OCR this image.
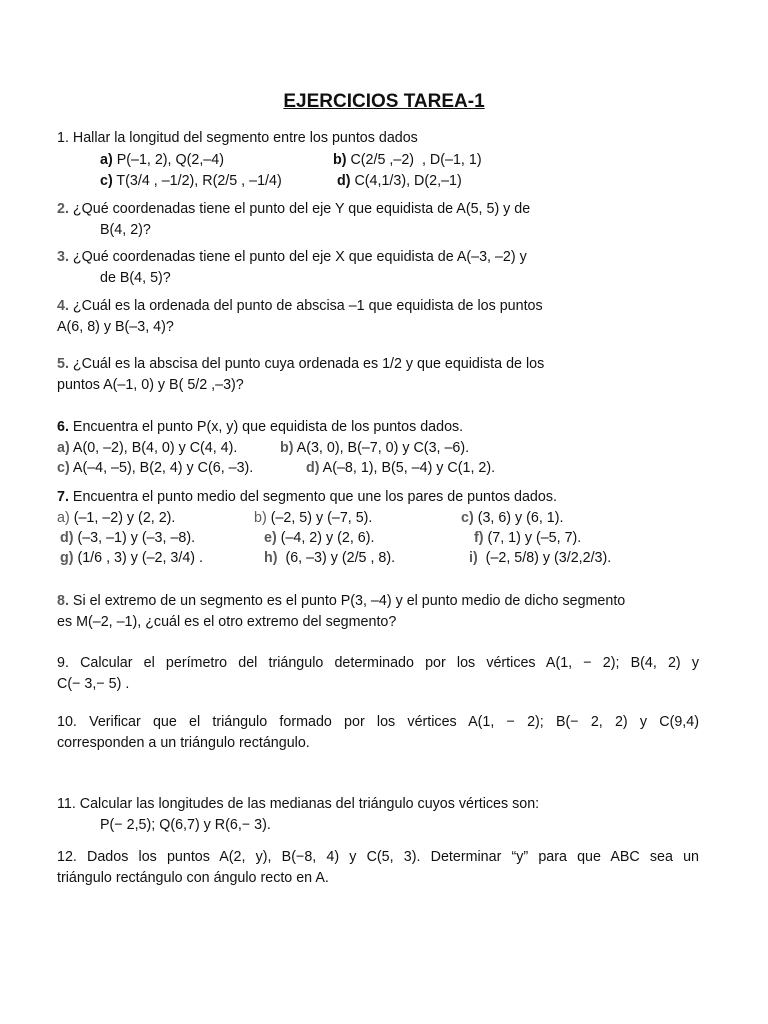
EJERCICIOS TAREA-1
1. Hallar la longitud del segmento entre los puntos dados
a) P(–1, 2), Q(2,–4)	b) C(2/5 ,–2)  , D(–1, 1)
c) T(3/4 , –1/2), R(2/5 , –1/4)	d) C(4,1/3), D(2,–1)
2. ¿Qué coordenadas tiene el punto del eje Y que equidista de A(5, 5) y de
B(4, 2)?
3. ¿Qué coordenadas tiene el punto del eje X que equidista de A(–3, –2) y
de B(4, 5)?
4. ¿Cuál es la ordenada del punto de abscisa –1 que equidista de los puntos
A(6, 8) y B(–3, 4)?
5. ¿Cuál es la abscisa del punto cuya ordenada es 1/2 y que equidista de los
puntos A(–1, 0) y B( 5/2 ,–3)?
6. Encuentra el punto P(x, y) que equidista de los puntos dados.
a) A(0, –2), B(4, 0) y C(4, 4).	b) A(3, 0), B(–7, 0) y C(3, –6).
c) A(–4, –5), B(2, 4) y C(6, –3).	d) A(–8, 1), B(5, –4) y C(1, 2).
7. Encuentra el punto medio del segmento que une los pares de puntos dados.
a) (–1, –2) y (2, 2).	b) (–2, 5) y (–7, 5).	c) (3, 6) y (6, 1).
d) (–3, –1) y (–3, –8).	e) (–4, 2) y (2, 6).	f) (7, 1) y (–5, 7).
g) (1/6 , 3) y (–2, 3/4) .	h)  (6, –3) y (2/5 , 8).	i)  (–2, 5/8) y (3/2,2/3).
8. Si el extremo de un segmento es el punto P(3, –4) y el punto medio de dicho segmento
es M(–2, –1), ¿cuál es el otro extremo del segmento?
9. Calcular el perímetro del triángulo determinado por los vértices A(1, − 2); B(4, 2) y
C(− 3,− 5) .
10. Verificar que el triángulo formado por los vértices A(1, − 2); B(− 2, 2) y C(9,4)
corresponden a un triángulo rectángulo.
11. Calcular las longitudes de las medianas del triángulo cuyos vértices son:
P(− 2,5); Q(6,7) y R(6,− 3).
12. Dados los puntos A(2, y), B(−8, 4) y C(5, 3). Determinar “y” para que ABC sea un
triángulo rectángulo con ángulo recto en A.
